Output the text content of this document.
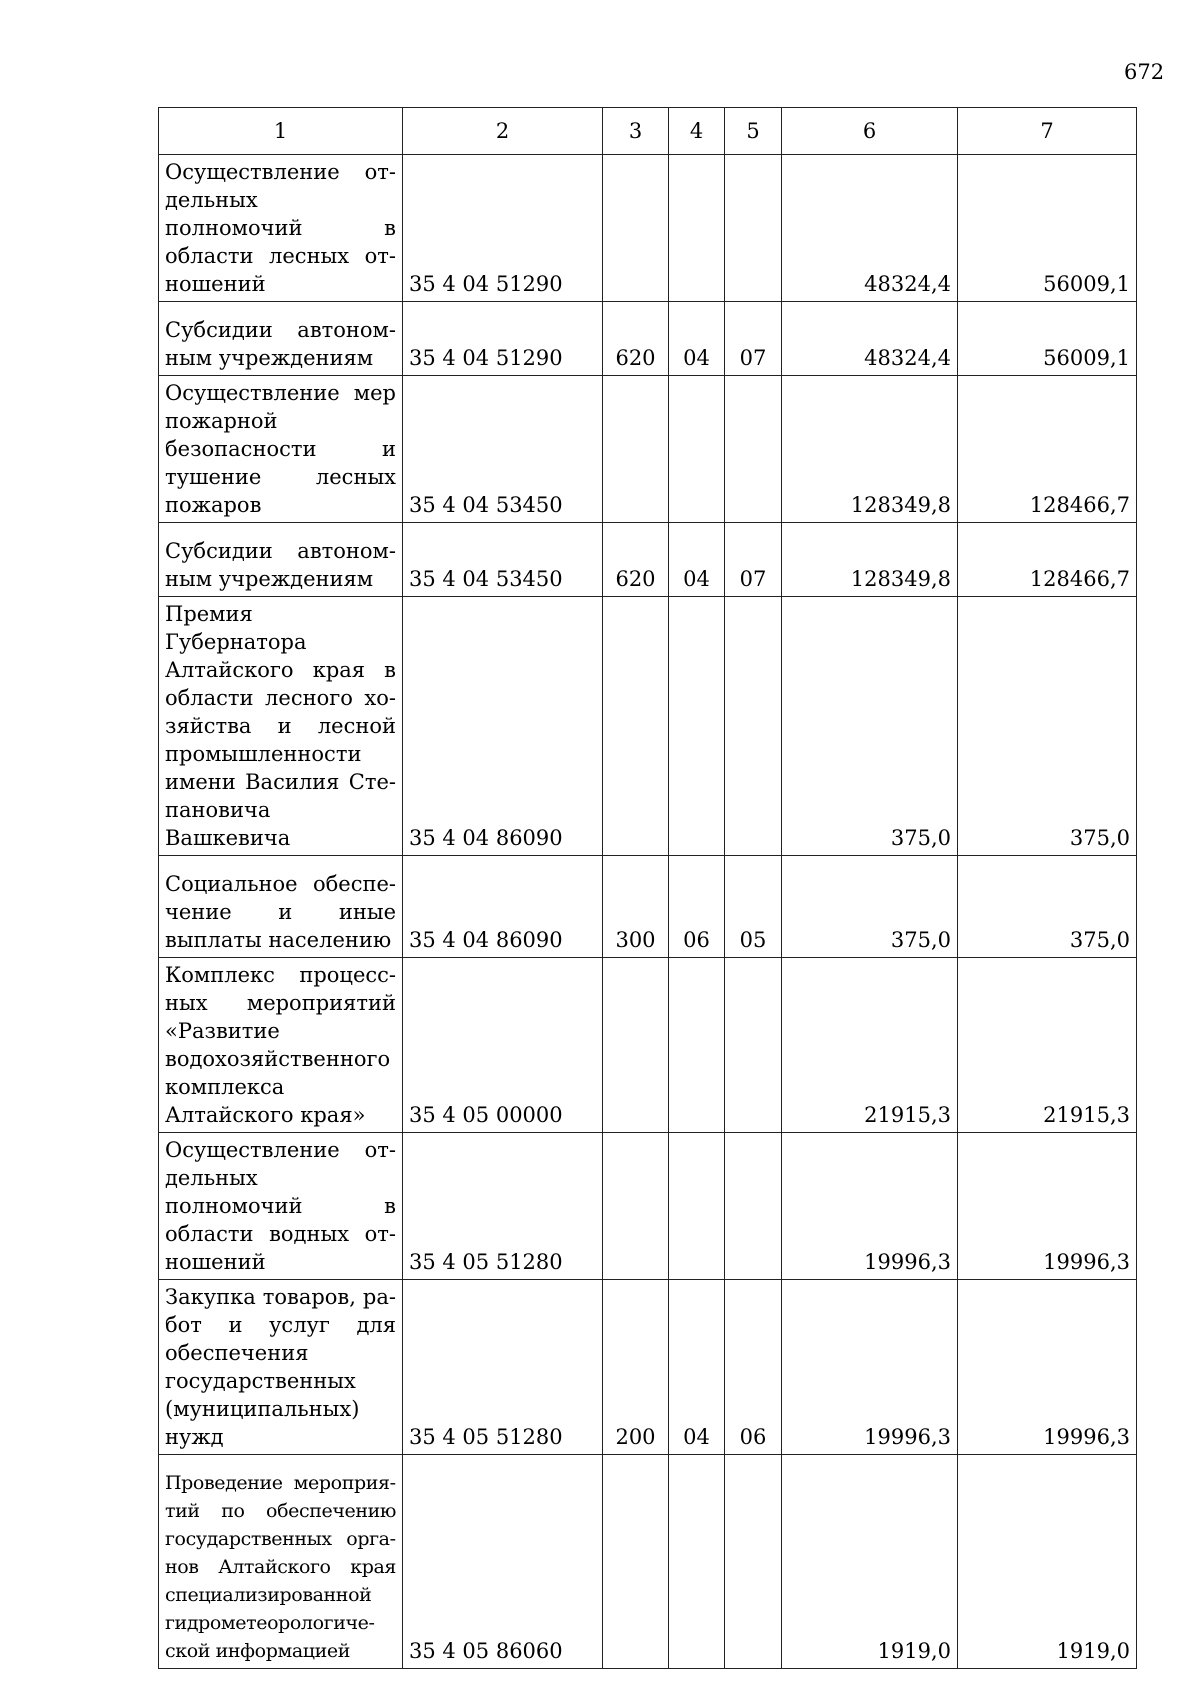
672
1	2	3	4	5	6	7
Осуществление отдельных полномочий в области лесных отношений	35 4 04 51290				48324,4	56009,1
Субсидии автономным учреждениям	35 4 04 51290	620	04	07	48324,4	56009,1
Осуществление мер пожарной безопасности и тушение лесных пожаров	35 4 04 53450				128349,8	128466,7
Субсидии автономным учреждениям	35 4 04 53450	620	04	07	128349,8	128466,7
Премия Губернатора Алтайского края в области лесного хозяйства и лесной промышленности имени Василия Степановича Вашкевича	35 4 04 86090				375,0	375,0
Социальное обеспечение и иные выплаты населению	35 4 04 86090	300	06	05	375,0	375,0
Комплекс процессных мероприятий «Развитие водохозяйственного комплекса Алтайского края»	35 4 05 00000				21915,3	21915,3
Осуществление отдельных полномочий в области водных отношений	35 4 05 51280				19996,3	19996,3
Закупка товаров, работ и услуг для обеспечения государственных (муниципальных) нужд	35 4 05 51280	200	04	06	19996,3	19996,3
Проведение мероприятий по обеспечению государственных органов Алтайского края специализированной гидрометеорологической информацией	35 4 05 86060				1919,0	1919,0
